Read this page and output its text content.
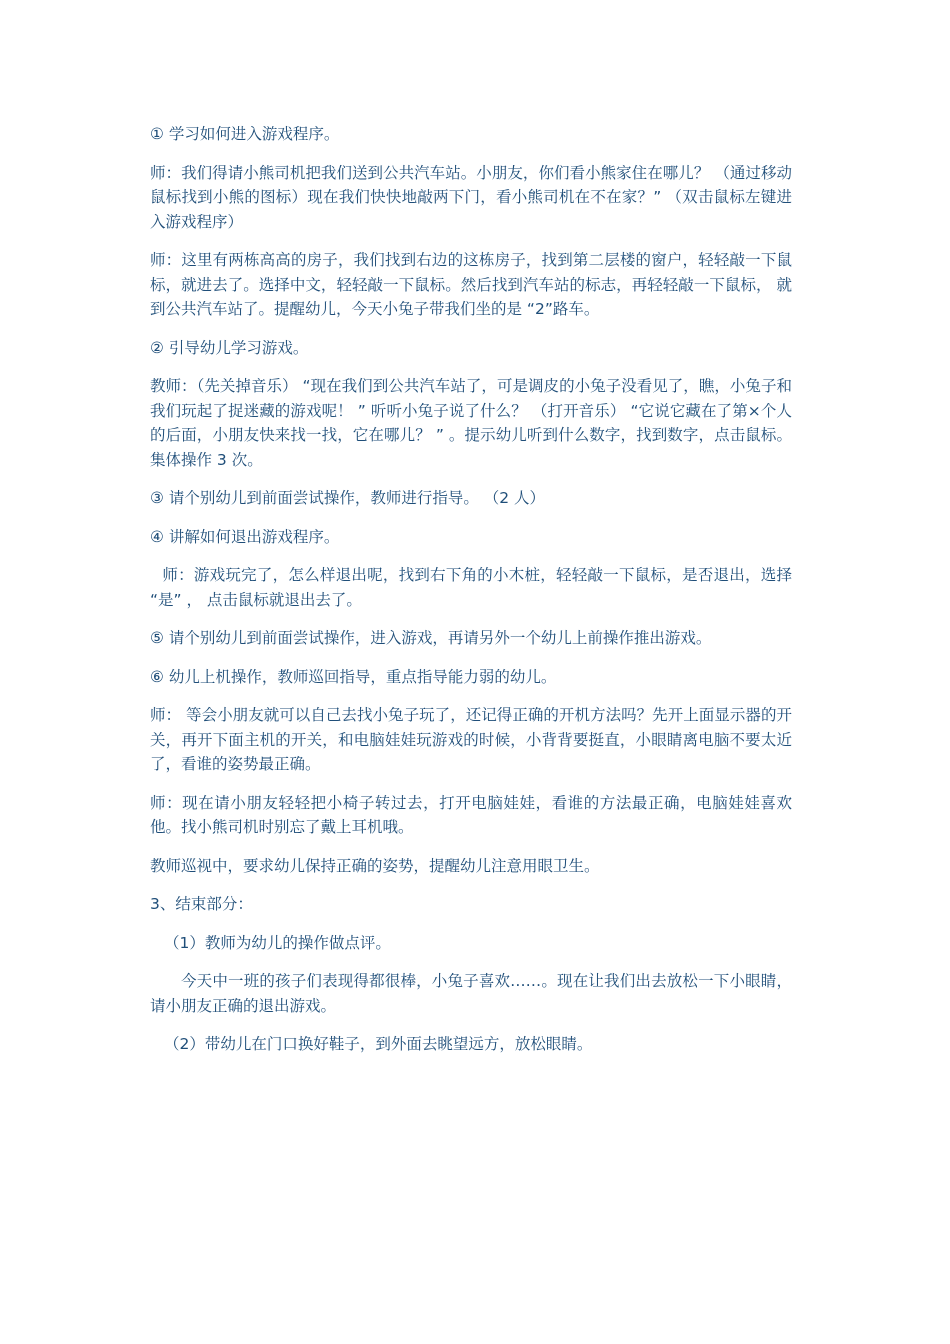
① 学习如何进入游戏程序。

师：我们得请小熊司机把我们送到公共汽车站。小朋友，你们看小熊家住在哪儿？ （通过移动鼠标找到小熊的图标）现在我们快快地敲两下门，看小熊司机在不在家？” （双击鼠标左键进入游戏程序）

师：这里有两栋高高的房子，我们找到右边的这栋房子，找到第二层楼的窗户，轻轻敲一下鼠标，就进去了。选择中文，轻轻敲一下鼠标。然后找到汽车站的标志，再轻轻敲一下鼠标， 就到公共汽车站了。提醒幼儿，今天小兔子带我们坐的是 “2”路车。

② 引导幼儿学习游戏。

教师：（先关掉音乐） “现在我们到公共汽车站了，可是调皮的小兔子没看见了，瞧，小兔子和我们玩起了捉迷藏的游戏呢！ ” 听听小兔子说了什么？ （打开音乐） “它说它藏在了第×个人的后面，小朋友快来找一找，它在哪儿？ ” 。提示幼儿听到什么数字，找到数字，点击鼠标。集体操作 3 次。

③ 请个别幼儿到前面尝试操作，教师进行指导。 （2 人）

④ 讲解如何退出游戏程序。

师：游戏玩完了，怎么样退出呢，找到右下角的小木桩，轻轻敲一下鼠标，是否退出，选择 “是” ， 点击鼠标就退出去了。

⑤ 请个别幼儿到前面尝试操作，进入游戏，再请另外一个幼儿上前操作推出游戏。

⑥ 幼儿上机操作，教师巡回指导，重点指导能力弱的幼儿。

师： 等会小朋友就可以自己去找小兔子玩了，还记得正确的开机方法吗？先开上面显示器的开关，再开下面主机的开关，和电脑娃娃玩游戏的时候，小背背要挺直，小眼睛离电脑不要太近了，看谁的姿势最正确。

师：现在请小朋友轻轻把小椅子转过去，打开电脑娃娃，看谁的方法最正确，电脑娃娃喜欢他。找小熊司机时别忘了戴上耳机哦。

教师巡视中，要求幼儿保持正确的姿势，提醒幼儿注意用眼卫生。

3、结束部分：

（1）教师为幼儿的操作做点评。

今天中一班的孩子们表现得都很棒，小兔子喜欢……。现在让我们出去放松一下小眼睛，请小朋友正确的退出游戏。

（2）带幼儿在门口换好鞋子，到外面去眺望远方，放松眼睛。
